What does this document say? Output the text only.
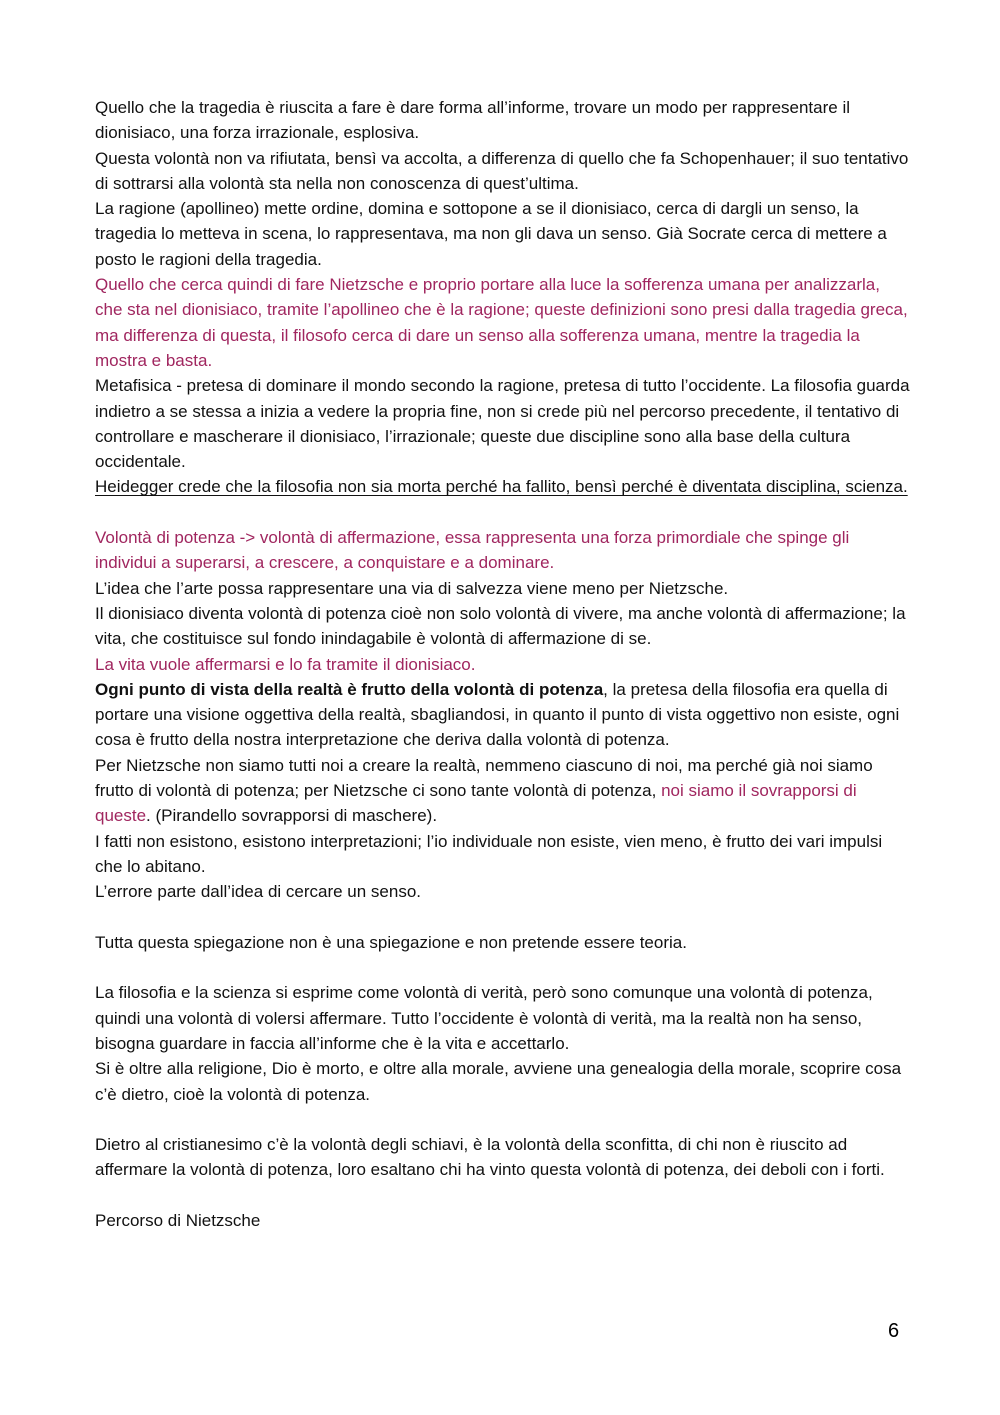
Quello che la tragedia è riuscita a fare è dare forma all’informe, trovare un modo per rappresentare il dionisiaco, una forza irrazionale, esplosiva.

Questa volontà non va rifiutata, bensì va accolta, a differenza di quello che fa Schopenhauer; il suo tentativo di sottrarsi alla volontà sta nella non conoscenza di quest’ultima.

La ragione (apollineo) mette ordine, domina e sottopone a se il dionisiaco, cerca di dargli un senso, la tragedia lo metteva in scena, lo rappresentava, ma non gli dava un senso. Già Socrate cerca di mettere a posto le ragioni della tragedia.

Quello che cerca quindi di fare Nietzsche e proprio portare alla luce la sofferenza umana per analizzarla, che sta nel dionisiaco, tramite l’apollineo che è la ragione; queste definizioni sono presi dalla tragedia greca, ma differenza di questa, il filosofo cerca di dare un senso alla sofferenza umana, mentre la tragedia la mostra e basta.

Metafisica - pretesa di dominare il mondo secondo la ragione, pretesa di tutto l’occidente. La filosofia guarda indietro a se stessa a inizia a vedere la propria fine, non si crede più nel percorso precedente, il tentativo di controllare e mascherare il dionisiaco, l’irrazionale; queste due discipline sono alla base della cultura occidentale.

Heidegger crede che la filosofia non sia morta perché ha fallito, bensì perché è diventata disciplina, scienza.

Volontà di potenza -> volontà di affermazione, essa rappresenta una forza primordiale che spinge gli individui a superarsi, a crescere, a conquistare e a dominare.

L’idea che l’arte possa rappresentare una via di salvezza viene meno per Nietzsche.

Il dionisiaco diventa volontà di potenza cioè non solo volontà di vivere, ma anche volontà di affermazione; la vita, che costituisce sul fondo inindagabile è volontà di affermazione di se.

La vita vuole affermarsi e lo fa tramite il dionisiaco.

Ogni punto di vista della realtà è frutto della volontà di potenza, la pretesa della filosofia era quella di portare una visione oggettiva della realtà, sbagliandosi, in quanto il punto di vista oggettivo non esiste, ogni cosa è frutto della nostra interpretazione che deriva dalla volontà di potenza.

Per Nietzsche non siamo tutti noi a creare la realtà, nemmeno ciascuno di noi, ma perché già noi siamo frutto di volontà di potenza; per Nietzsche ci sono tante volontà di potenza, noi siamo il sovrapporsi di queste. (Pirandello sovrapporsi di maschere).

I fatti non esistono, esistono interpretazioni; l’io individuale non esiste, vien meno, è frutto dei vari impulsi che lo abitano.

L’errore parte dall’idea di cercare un senso.

Tutta questa spiegazione non è una spiegazione e non pretende essere teoria.

La filosofia e la scienza si esprime come volontà di verità, però sono comunque una volontà di potenza, quindi una volontà di volersi affermare. Tutto l’occidente è volontà di verità, ma la realtà non ha senso, bisogna guardare in faccia all’informe che è la vita e accettarlo.

Si è oltre alla religione, Dio è morto, e oltre alla morale, avviene una genealogia della morale, scoprire cosa c’è dietro, cioè la volontà di potenza.

Dietro al cristianesimo c’è la volontà degli schiavi, è la volontà della sconfitta, di chi non è riuscito ad affermare la volontà di potenza, loro esaltano chi ha vinto questa volontà di potenza, dei deboli con i forti.

Percorso di Nietzsche

6
